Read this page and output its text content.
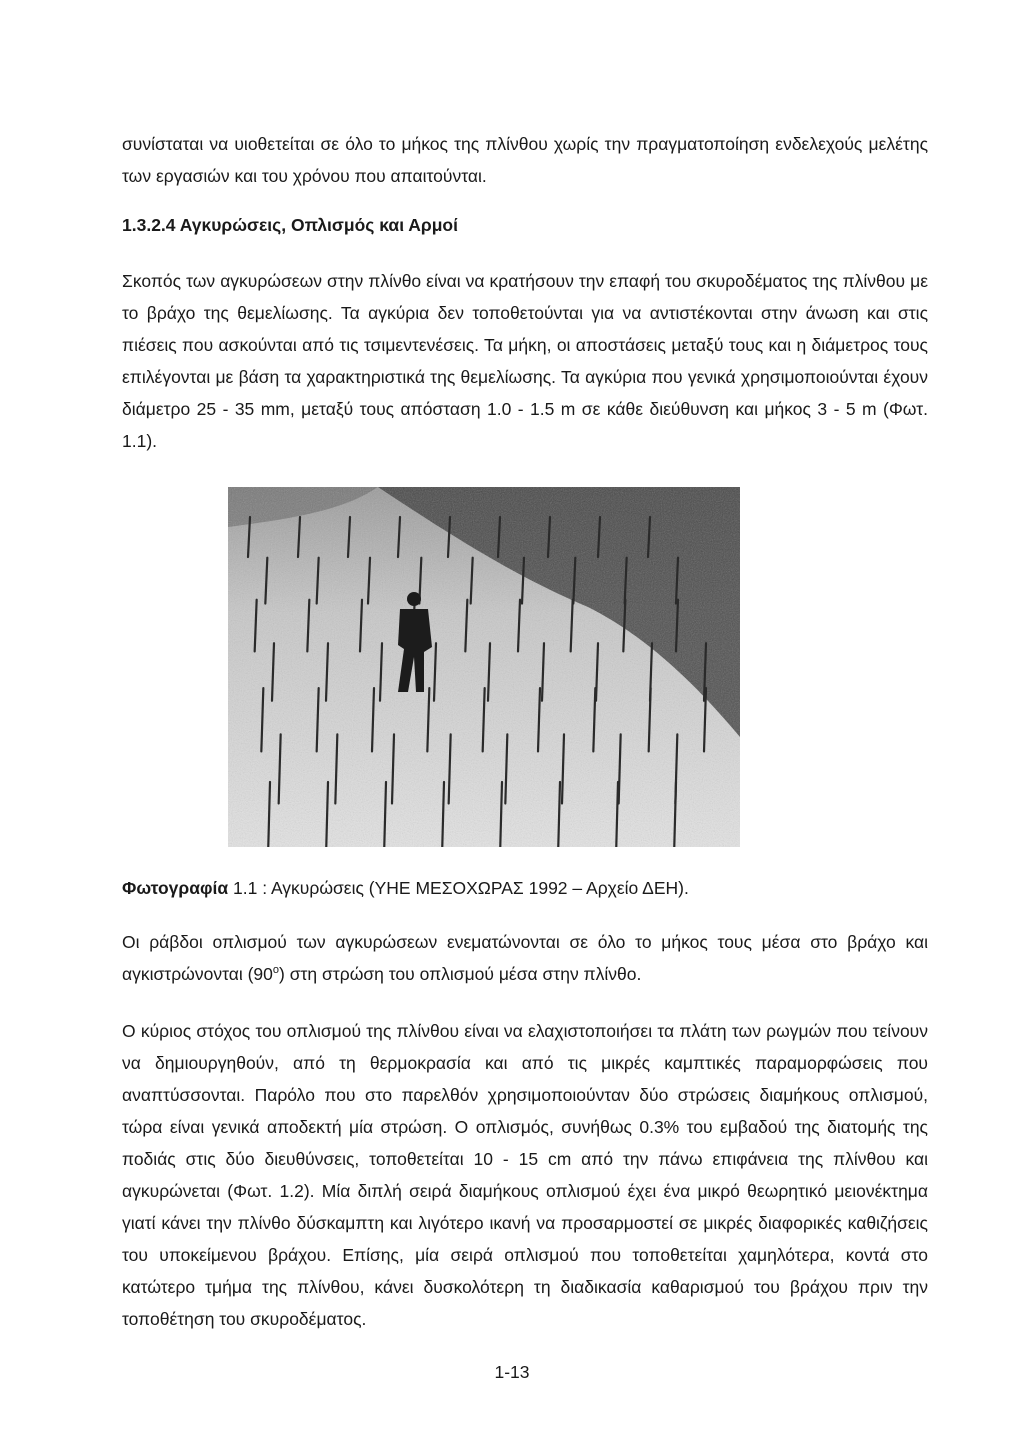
συνίσταται να υιοθετείται σε όλο το μήκος της πλίνθου χωρίς την πραγματοποίηση ενδελεχούς μελέτης των εργασιών και του χρόνου που απαιτούνται.

1.3.2.4 Αγκυρώσεις, Οπλισμός και Αρμοί

Σκοπός των αγκυρώσεων στην πλίνθο είναι να κρατήσουν την επαφή του σκυροδέματος της πλίνθου με το βράχο της θεμελίωσης. Τα αγκύρια δεν τοποθετούνται για να αντιστέκονται στην άνωση και στις πιέσεις που ασκούνται από τις τσιμεντενέσεις. Τα μήκη, οι αποστάσεις μεταξύ τους και η διάμετρος τους επιλέγονται με βάση τα χαρακτηριστικά της θεμελίωσης. Τα αγκύρια που γενικά χρησιμοποιούνται έχουν διάμετρο 25 - 35 mm, μεταξύ τους απόσταση 1.0 - 1.5 m σε κάθε διεύθυνση και μήκος 3 - 5 m (Φωτ. 1.1).

Φωτογραφία 1.1 : Αγκυρώσεις (ΥΗΕ ΜΕΣΟΧΩΡΑΣ 1992 – Αρχείο ΔΕΗ).

Οι ράβδοι οπλισμού των αγκυρώσεων ενεματώνονται σε όλο το μήκος τους μέσα στο βράχο και αγκιστρώνονται (90$^o$) στη στρώση του οπλισμού μέσα στην πλίνθο.

Ο κύριος στόχος του οπλισμού της πλίνθου είναι να ελαχιστοποιήσει τα πλάτη των ρωγμών που τείνουν να δημιουργηθούν, από τη θερμοκρασία και από τις μικρές καμπτικές παραμορφώσεις που αναπτύσσονται. Παρόλο που στο παρελθόν χρησιμοποιούνταν δύο στρώσεις διαμήκους οπλισμού, τώρα είναι γενικά αποδεκτή μία στρώση. Ο οπλισμός, συνήθως 0.3% του εμβαδού της διατομής της ποδιάς στις δύο διευθύνσεις, τοποθετείται 10 - 15 cm από την πάνω επιφάνεια της πλίνθου και αγκυρώνεται (Φωτ. 1.2). Μία διπλή σειρά διαμήκους οπλισμού έχει ένα μικρό θεωρητικό μειονέκτημα γιατί κάνει την πλίνθο δύσκαμπτη και λιγότερο ικανή να προσαρμοστεί σε μικρές διαφορικές καθιζήσεις του υποκείμενου βράχου. Επίσης, μία σειρά οπλισμού που τοποθετείται χαμηλότερα, κοντά στο κατώτερο τμήμα της πλίνθου, κάνει δυσκολότερη τη διαδικασία καθαρισμού του βράχου πριν την τοποθέτηση του σκυροδέματος.

1-13
